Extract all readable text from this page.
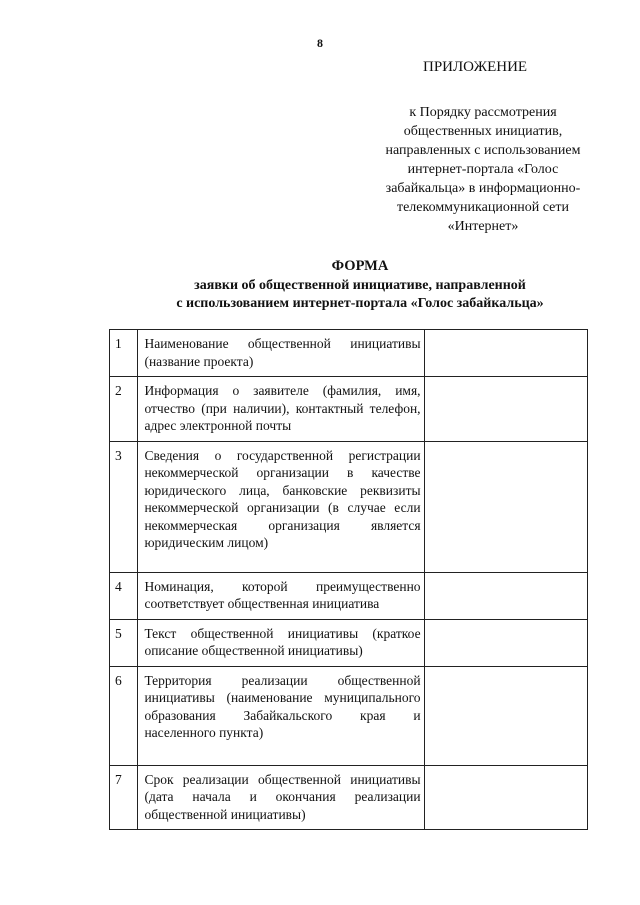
8
ПРИЛОЖЕНИЕ
к Порядку рассмотрения
общественных инициатив,
направленных с использованием
интернет-портала «Голос
забайкальца» в информационно-
телекоммуникационной сети
«Интернет»
ФОРМА
заявки об общественной инициативе, направленной
с использованием интернет-портала «Голос забайкальца»
1	Наименование общественной инициативы (название проекта)	
2	Информация о заявителе (фамилия, имя, отчество (при наличии), контактный телефон, адрес электронной почты	
3	Сведения о государственной регистрации некоммерческой организации в качестве юридического лица, банковские реквизиты некоммерческой организации (в случае если некоммерческая организация является юридическим лицом)	
4	Номинация, которой преимущественно соответствует общественная инициатива	
5	Текст общественной инициативы (краткое описание общественной инициативы)	
6	Территория реализации общественной инициативы (наименование муниципального образования Забайкальского края и населенного пункта)	
7	Срок реализации общественной инициативы (дата начала и окончания реализации общественной инициативы)	
